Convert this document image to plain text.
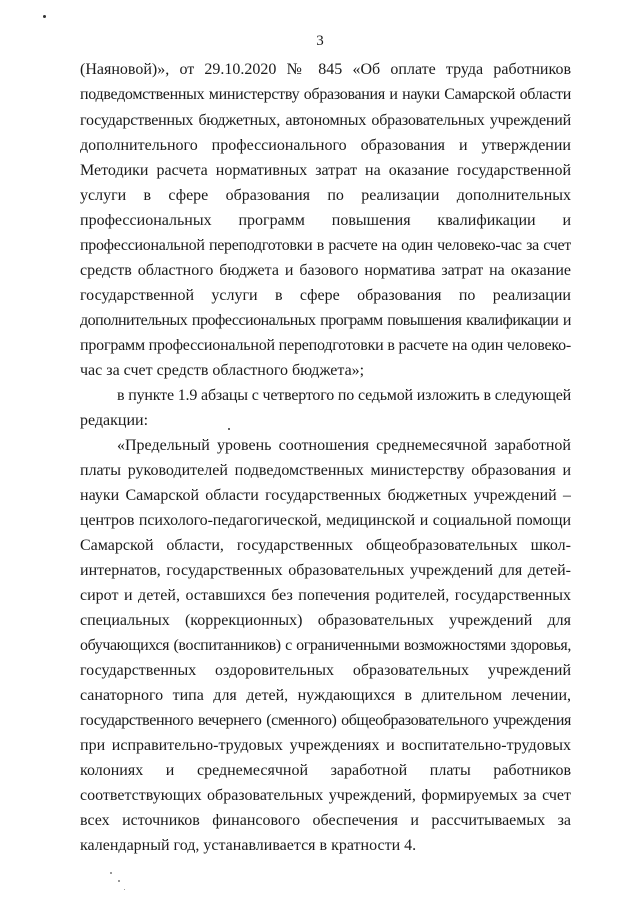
3
(Наяновой)», от 29.10.2020 № 845 «Об оплате труда работников
подведомственных министерству образования и науки Самарской области
государственных бюджетных, автономных образовательных учреждений
дополнительного профессионального образования и утверждении
Методики расчета нормативных затрат на оказание государственной
услуги в сфере образования по реализации дополнительных
профессиональных программ повышения квалификации и
профессиональной переподготовки в расчете на один человеко-час за счет
средств областного бюджета и базового норматива затрат на оказание
государственной услуги в сфере образования по реализации
дополнительных профессиональных программ повышения квалификации и
программ профессиональной переподготовки в расчете на один человеко-
час за счет средств областного бюджета»;
в пункте 1.9 абзацы с четвертого по седьмой изложить в следующей
редакции:
«Предельный уровень соотношения среднемесячной заработной
платы руководителей подведомственных министерству образования и
науки Самарской области государственных бюджетных учреждений –
центров психолого-педагогической, медицинской и социальной помощи
Самарской области, государственных общеобразовательных школ-
интернатов, государственных образовательных учреждений для детей-
сирот и детей, оставшихся без попечения родителей, государственных
специальных (коррекционных) образовательных учреждений для
обучающихся (воспитанников) с ограниченными возможностями здоровья,
государственных оздоровительных образовательных учреждений
санаторного типа для детей, нуждающихся в длительном лечении,
государственного вечернего (сменного) общеобразовательного учреждения
при исправительно-трудовых учреждениях и воспитательно-трудовых
колониях и среднемесячной заработной платы работников
соответствующих образовательных учреждений, формируемых за счет
всех источников финансового обеспечения и рассчитываемых за
календарный год, устанавливается в кратности 4.
